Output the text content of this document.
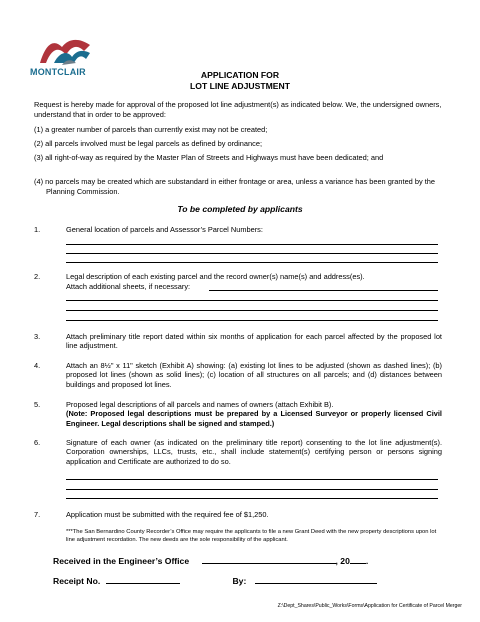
MONTCLAIR	APPLICATION FOR
LOT LINE ADJUSTMENT
Request is hereby made for approval of the proposed lot line adjustment(s) as indicated below. We, the undersigned owners, understand that in order to be approved:
(1) a greater number of parcels than currently exist may not be created;
(2) all parcels involved must be legal parcels as defined by ordinance;
(3) all right-of-way as required by the Master Plan of Streets and Highways must have been dedicated; and
(4) no parcels may be created which are substandard in either frontage or area, unless a variance has been granted by the Planning Commission.
To be completed by applicants
1.	General location of parcels and Assessor’s Parcel Numbers:
2.	Legal description of each existing parcel and the record owner(s) name(s) and address(es).
Attach additional sheets, if necessary:
3.	Attach preliminary title report dated within six months of application for each parcel affected by the proposed lot line adjustment.
4.	Attach an 8½" x 11" sketch (Exhibit A) showing: (a) existing lot lines to be adjusted (shown as dashed lines); (b) proposed lot lines (shown as solid lines); (c) location of all structures on all parcels; and (d) distances between buildings and proposed lot lines.
5.	Proposed legal descriptions of all parcels and names of owners (attach Exhibit B).
(Note: Proposed legal descriptions must be prepared by a Licensed Surveyor or properly licensed Civil Engineer. Legal descriptions shall be signed and stamped.)
6.	Signature of each owner (as indicated on the preliminary title report) consenting to the lot line adjustment(s). Corporation ownerships, LLCs, trusts, etc., shall include statement(s) certifying person or persons signing application and Certificate are authorized to do so.
7.	Application must be submitted with the required fee of $1,250.
***The San Bernardino County Recorder’s Office may require the applicants to file a new Grant Deed with the new property descriptions upon lot line adjustment recordation. The new deeds are the sole responsibility of the applicant.
Received in the Engineer’s Office	, 20 .
Receipt No.	By:
Z:\Dept_Shares\Public_Works\Forms\Application for Certificate of Parcel Merger
